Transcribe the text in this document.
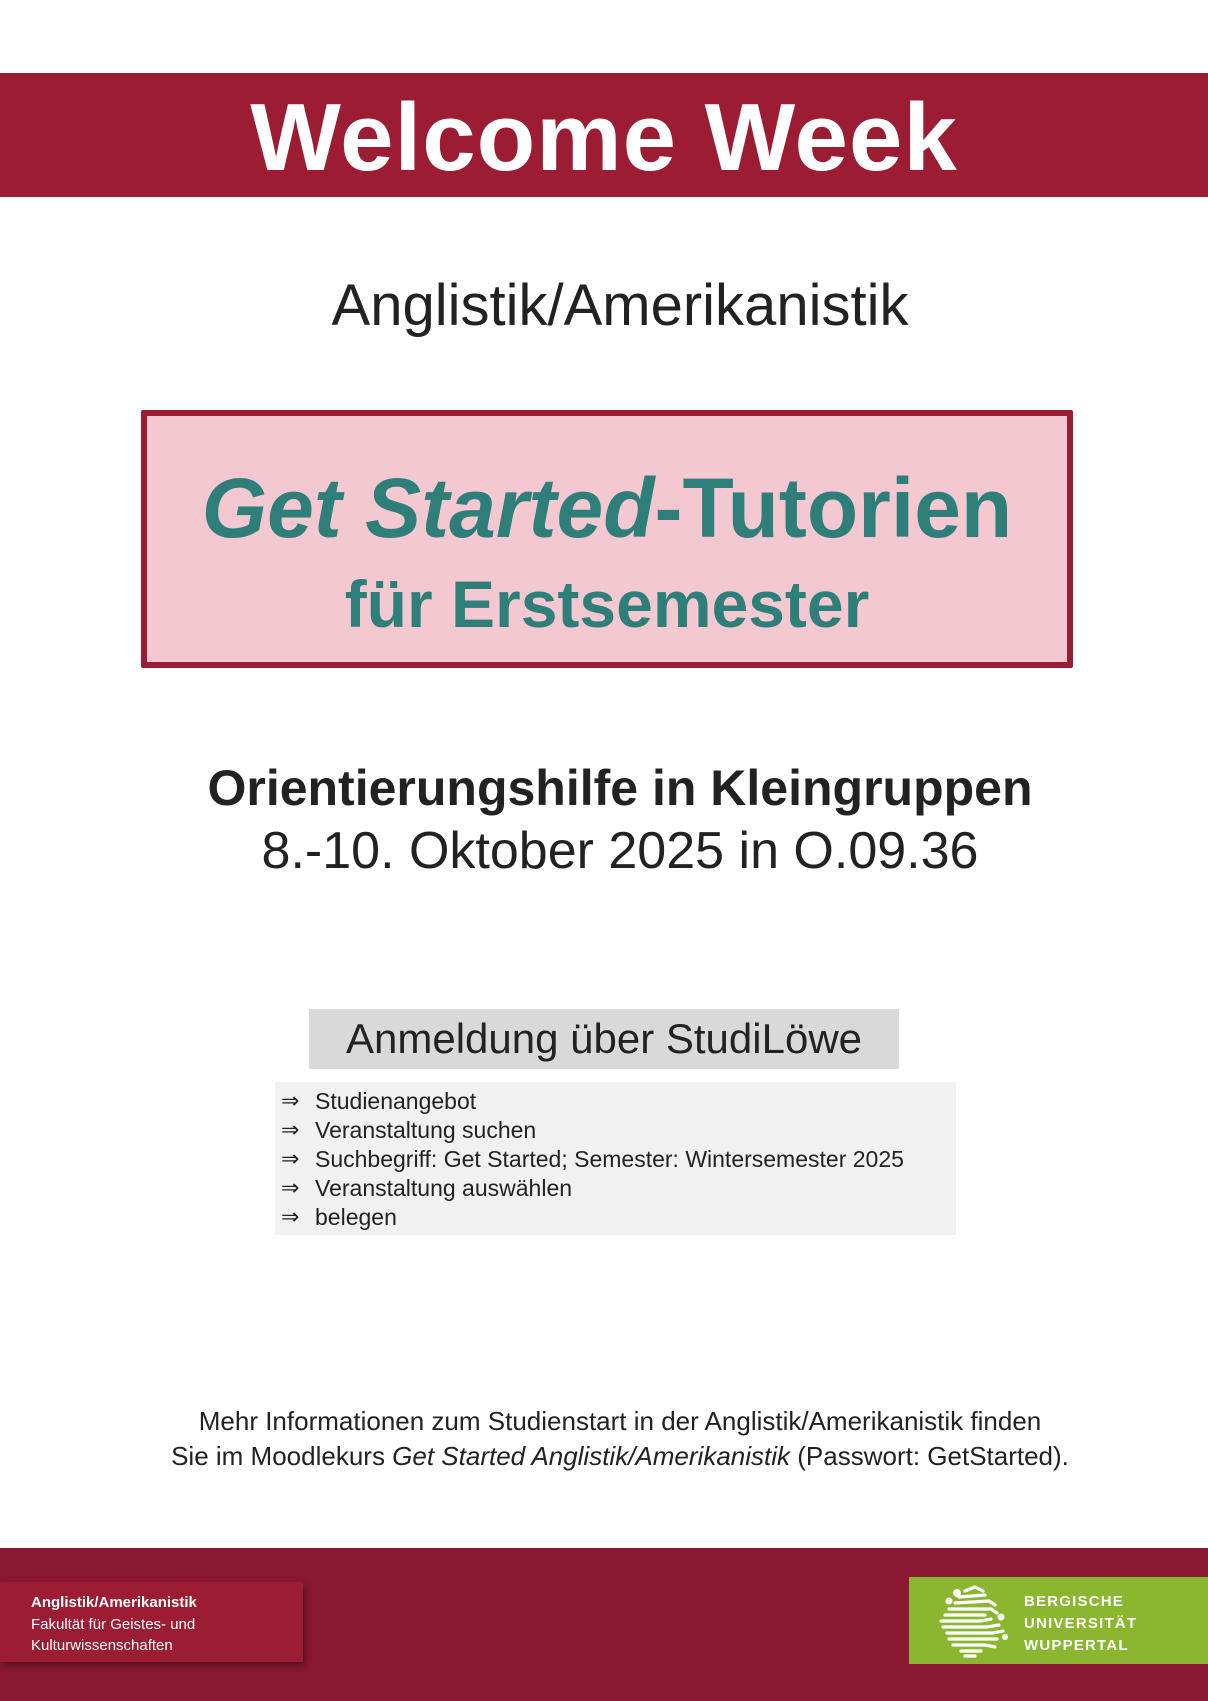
Welcome Week
Anglistik/Amerikanistik
Get Started-Tutorien
für Erstsemester
Orientierungshilfe in Kleingruppen
8.-10. Oktober 2025 in O.09.36
Anmeldung über StudiLöwe
⇒ Studienangebot
⇒ Veranstaltung suchen
⇒ Suchbegriff: Get Started; Semester: Wintersemester 2025
⇒ Veranstaltung auswählen
⇒ belegen
Mehr Informationen zum Studienstart in der Anglistik/Amerikanistik finden
Sie im Moodlekurs Get Started Anglistik/Amerikanistik (Passwort: GetStarted).
Anglistik/Amerikanistik
Fakultät für Geistes- und
Kulturwissenschaften
BERGISCHE
UNIVERSITÄT
WUPPERTAL
